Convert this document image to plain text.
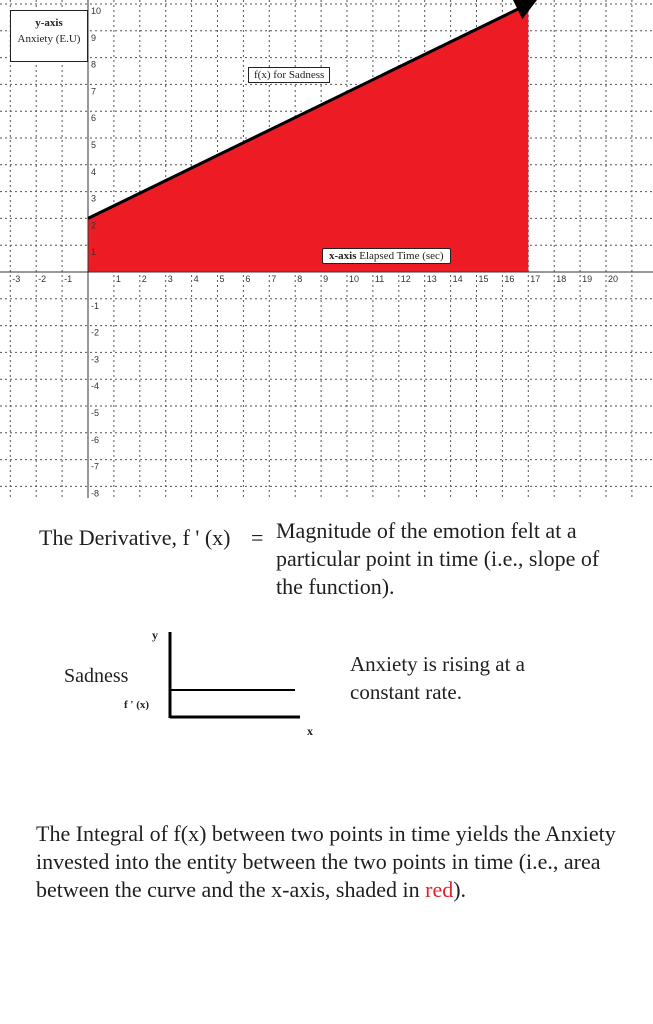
-3 -2 -1	1 2 3 4 5 6 7 8 9 10 11 12 13 14 15 16 17 18 19 20
10
9
8
7
6
5
4
3
2
1
-1
-2
-3
-4
-5
-6
-7
-8
y-axis
Anxiety (E.U)
f(x) for Sadness
x-axis Elapsed Time (sec)
The Derivative, f ' (x) = Magnitude of the emotion felt at a particular point in time (i.e., slope of the function).
Sadness
y
f ' (x)
x
Anxiety is rising at a constant rate.
The Integral of f(x) between two points in time yields the Anxiety invested into the entity between the two points in time (i.e., area between the curve and the x-axis, shaded in red).
